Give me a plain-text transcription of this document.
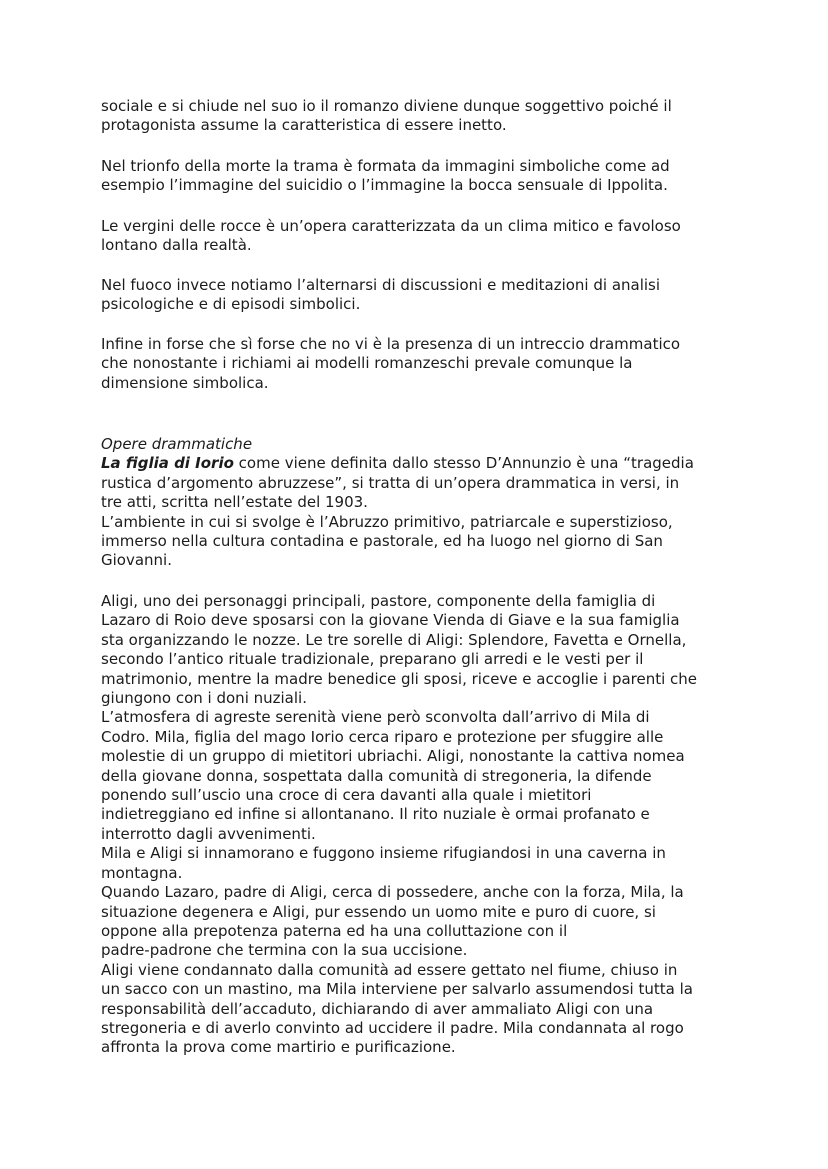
sociale e si chiude nel suo io il romanzo diviene dunque soggettivo poiché il
protagonista assume la caratteristica di essere inetto.

Nel trionfo della morte la trama è formata da immagini simboliche come ad
esempio l’immagine del suicidio o l’immagine la bocca sensuale di Ippolita.

Le vergini delle rocce è un’opera caratterizzata da un clima mitico e favoloso
lontano dalla realtà.

Nel fuoco invece notiamo l’alternarsi di discussioni e meditazioni di analisi
psicologiche e di episodi simbolici.

Infine in forse che sì forse che no vi è la presenza di un intreccio drammatico
che nonostante i richiami ai modelli romanzeschi prevale comunque la
dimensione simbolica.

Opere drammatiche
La figlia di Iorio come viene definita dallo stesso D’Annunzio è una “tragedia
rustica d’argomento abruzzese”, si tratta di un’opera drammatica in versi, in
tre atti, scritta nell’estate del 1903.
L’ambiente in cui si svolge è l’Abruzzo primitivo, patriarcale e superstizioso,
immerso nella cultura contadina e pastorale, ed ha luogo nel giorno di San
Giovanni.
Aligi, uno dei personaggi principali, pastore, componente della famiglia di
Lazaro di Roio deve sposarsi con la giovane Vienda di Giave e la sua famiglia
sta organizzando le nozze. Le tre sorelle di Aligi: Splendore, Favetta e Ornella,
secondo l’antico rituale tradizionale, preparano gli arredi e le vesti per il
matrimonio, mentre la madre benedice gli sposi, riceve e accoglie i parenti che
giungono con i doni nuziali.
L’atmosfera di agreste serenità viene però sconvolta dall’arrivo di Mila di
Codro. Mila, figlia del mago Iorio cerca riparo e protezione per sfuggire alle
molestie di un gruppo di mietitori ubriachi. Aligi, nonostante la cattiva nomea
della giovane donna, sospettata dalla comunità di stregoneria, la difende
ponendo sull’uscio una croce di cera davanti alla quale i mietitori
indietreggiano ed infine si allontanano. Il rito nuziale è ormai profanato e
interrotto dagli avvenimenti.
Mila e Aligi si innamorano e fuggono insieme rifugiandosi in una caverna in
montagna.
Quando Lazaro, padre di Aligi, cerca di possedere, anche con la forza, Mila, la
situazione degenera e Aligi, pur essendo un uomo mite e puro di cuore, si
oppone alla prepotenza paterna ed ha una colluttazione con il
padre-padrone che termina con la sua uccisione.
Aligi viene condannato dalla comunità ad essere gettato nel fiume, chiuso in
un sacco con un mastino, ma Mila interviene per salvarlo assumendosi tutta la
responsabilità dell’accaduto, dichiarando di aver ammaliato Aligi con una
stregoneria e di averlo convinto ad uccidere il padre. Mila condannata al rogo
affronta la prova come martirio e purificazione.
